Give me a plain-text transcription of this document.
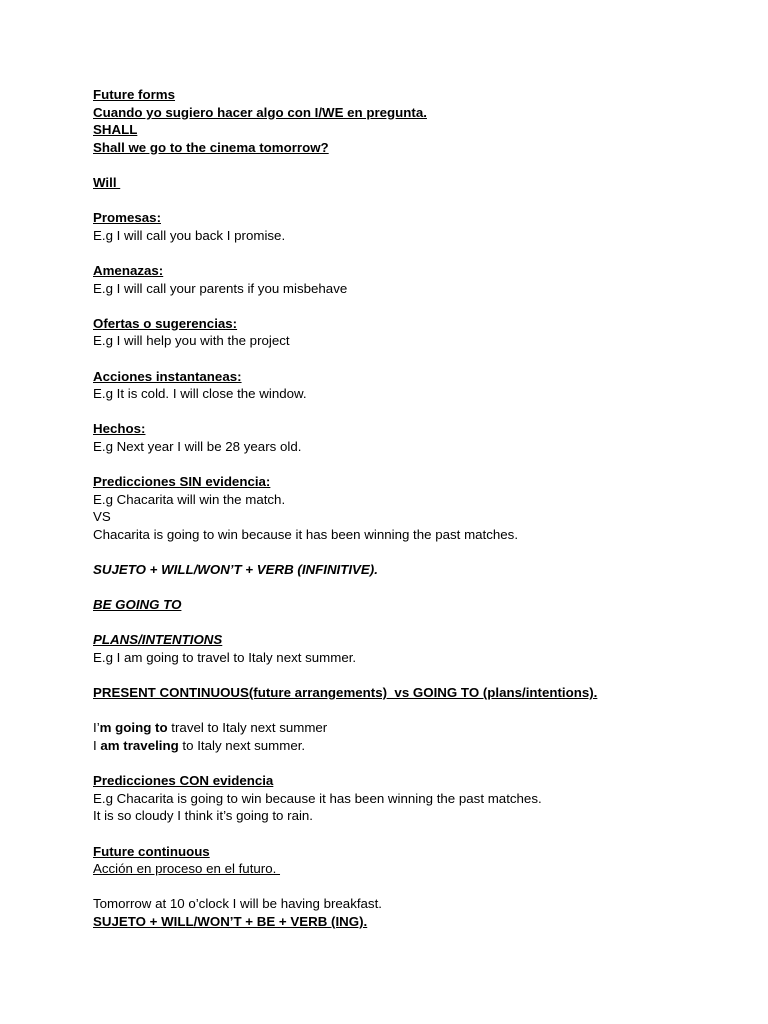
Future forms
Cuando yo sugiero hacer algo con I/WE en pregunta.
SHALL
Shall we go to the cinema tomorrow?
Will
Promesas:
E.g I will call you back I promise.
Amenazas:
E.g I will call your parents if you misbehave
Ofertas o sugerencias:
E.g I will help you with the project
Acciones instantaneas:
E.g It is cold. I will close the window.
Hechos:
E.g Next year I will be 28 years old.
Predicciones SIN evidencia:
E.g Chacarita will win the match.
VS
Chacarita is going to win because it has been winning the past matches.
SUJETO + WILL/WON’T + VERB (INFINITIVE).
BE GOING TO
PLANS/INTENTIONS
E.g I am going to travel to Italy next summer.
PRESENT CONTINUOUS(future arrangements)  vs GOING TO (plans/intentions).
I’m going to travel to Italy next summer
I am traveling to Italy next summer.
Predicciones CON evidencia
E.g Chacarita is going to win because it has been winning the past matches.
It is so cloudy I think it’s going to rain.
Future continuous
Acción en proceso en el futuro.
Tomorrow at 10 o’clock I will be having breakfast.
SUJETO + WILL/WON’T + BE + VERB (ING).
